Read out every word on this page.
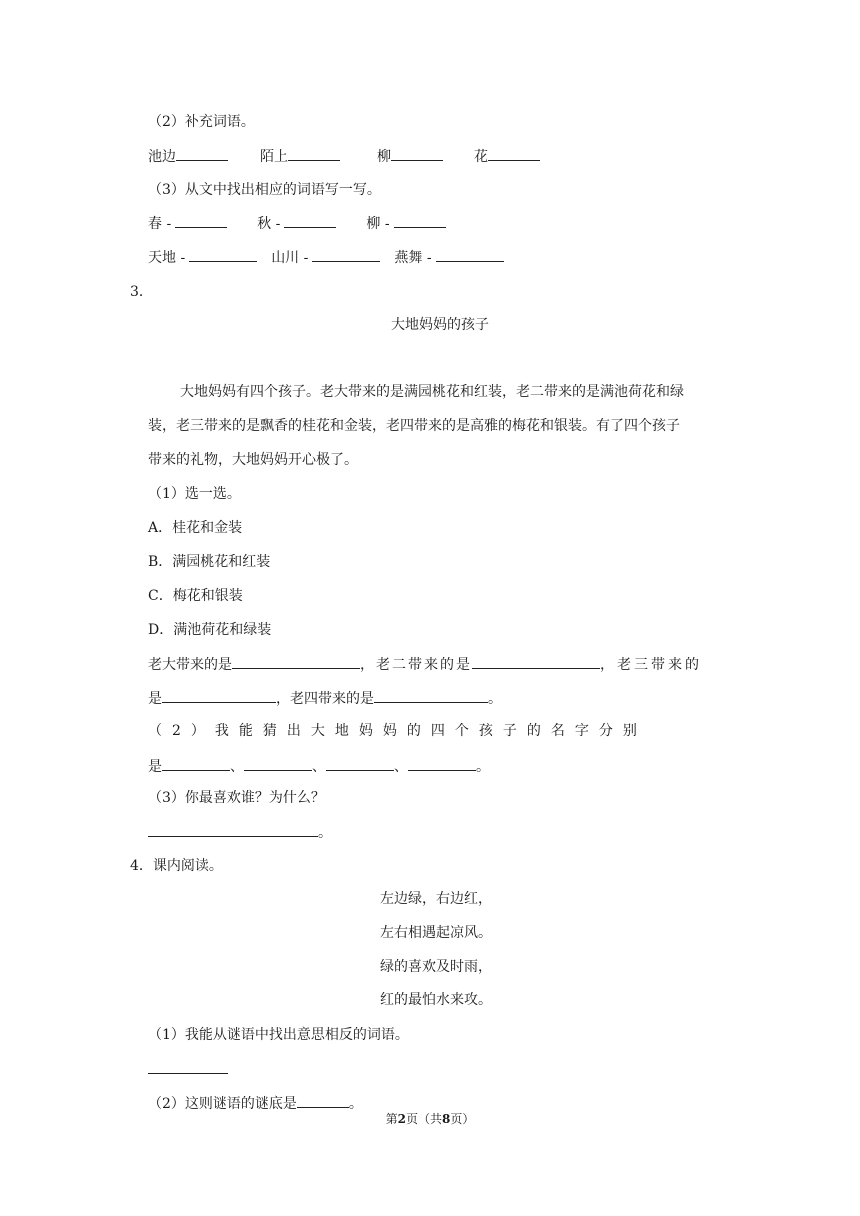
（2）补充词语。
池边	陌上	柳	花
（3）从文中找出相应的词语写一写。
春 -	秋 -	柳 -
天地 -	山川 -	燕舞 -
3．
大地妈妈的孩子
大地妈妈有四个孩子。老大带来的是满园桃花和红装，老二带来的是满池荷花和绿
装，老三带来的是飘香的桂花和金装，老四带来的是高雅的梅花和银装。有了四个孩子
带来的礼物，大地妈妈开心极了。
（1）选一选。
A．桂花和金装
B．满园桃花和红装
C．梅花和银装
D．满池荷花和绿装
老大带来的是	，老二带来的是	，老三带来的
是	，老四带来的是	。
（2）我能猜出大地妈妈的四个孩子的名字分别
是	、	、	、	。
（3）你最喜欢谁？为什么？
。
4．课内阅读。
左边绿，右边红，
左右相遇起凉风。
绿的喜欢及时雨，
红的最怕水来攻。
（1）我能从谜语中找出意思相反的词语。
（2）这则谜语的谜底是	。
第2页（共8页）
